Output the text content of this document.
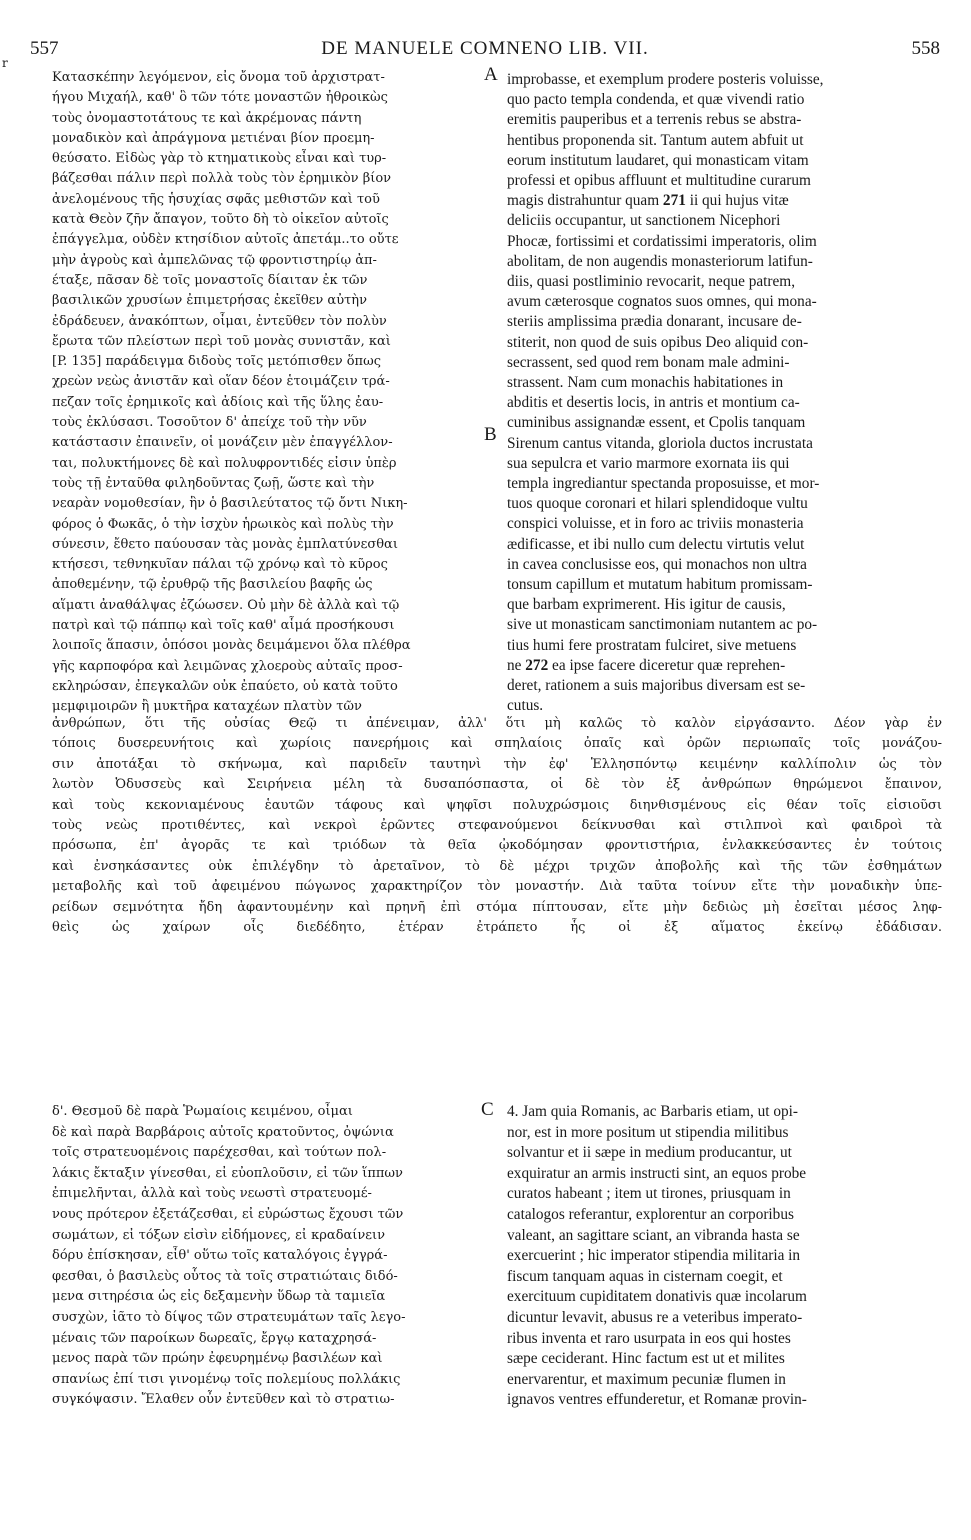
557	DE MANUELE COMNENO LIB. VII.	558
r
Κατασκέπην λεγόμενον, εἰς ὄνομα τοῦ ἀρχιστρατ-
ήγου Μιχαήλ, καθ' ὃ τῶν τότε μοναστῶν ἠθροικὼς
τοὺς ὀνομαστοτάτους τε καὶ ἀκρέμονας πάντη
μοναδικὸν καὶ ἀπράγμονα μετιέναι βίον προεμη-
θεύσατο. Εἰδὼς γὰρ τὸ κτηματικοὺς εἶναι καὶ τυρ-
βάζεσθαι πάλιν περὶ πολλὰ τοὺς τὸν ἐρημικὸν βίον
ἀνελομένους τῆς ἡσυχίας σφᾶς μεθιστῶν καὶ τοῦ
κατὰ Θεὸν ζῆν ἄπαγον, τοῦτο δὴ τὸ οἰκεῖον αὐτοῖς
ἐπάγγελμα, οὐδὲν κτησίδιον αὐτοῖς ἀπετάμ..το οὔτε
μὴν ἀγροὺς καὶ ἀμπελῶνας τῷ φροντιστηρίῳ ἀπ-
έταξε, πᾶσαν δὲ τοῖς μοναστοῖς δίαιταν ἐκ τῶν
βασιλικῶν χρυσίων ἐπιμετρήσας ἐκεῖθεν αὐτὴν
ἐδράδευεν, ἀνακόπτων, οἶμαι, ἐντεῦθεν τὸν πολὺν
ἔρωτα τῶν πλείστων περὶ τοῦ μονὰς συνιστᾶν, καὶ
[P. 135] παράδειγμα διδοὺς τοῖς μετόπισθεν ὅπως
χρεὼν νεὼς ἀνιστᾶν καὶ οἵαν δέον ἑτοιμάζειν τρά-
πεζαν τοῖς ἐρημικοῖς καὶ ἀδίοις καὶ τῆς ὕλης ἐαυ-
τοὺς ἐκλύσασι. Τοσοῦτον δ' ἀπείχε τοῦ τὴν νῦν
κατάστασιν ἐπαινεῖν, οἱ μονάζειν μὲν ἐπαγγέλλον-
ται, πολυκτήμονες δὲ καὶ πολυφροντιδές εἰσιν ὑπὲρ
τοὺς τῇ ἐνταῦθα φιληδοῦντας ζωῇ, ὥστε καὶ τὴν
νεαρὰν νομοθεσίαν, ἣν ὁ βασιλεύτατος τῷ ὄντι Νικη-
φόρος ὁ Φωκᾶς, ὁ τὴν ἰσχὺν ἡρωικὸς καὶ πολὺς τὴν
σύνεσιν, ἔθετο παύουσαν τὰς μονὰς ἐμπλατύνεσθαι
κτήσεσι, τεθνηκυῖαν πάλαι τῷ χρόνῳ καὶ τὸ κῦρος
ἀποθεμένην, τῷ ἐρυθρῷ τῆς βασιλείου βαφῆς ὡς
αἵματι ἀναθάλψας ἐζώωσεν. Οὐ μὴν δὲ ἀλλὰ καὶ τῷ
πατρὶ καὶ τῷ πάππῳ καὶ τοῖς καθ' αἷμά προσήκουσι
λοιποῖς ἅπασιν, ὁπόσοι μονὰς δειμάμενοι ὅλα πλέθρα
γῆς καρποφόρα καὶ λειμῶνας χλοεροὺς αὐταῖς προσ-
εκληρώσαν, ἐπεγκαλῶν οὐκ ἐπαύετο, οὐ κατὰ τοῦτο
μεμφιμοιρῶν ἢ μυκτῆρα καταχέων πλατὺν τῶν
A improbasse, et exemplum prodere posteris voluisse,
quo pacto templa condenda, et quæ vivendi ratio
eremitis pauperibus et a terrenis rebus se abstra-
hentibus proponenda sit. Tantum autem abfuit ut
eorum institutum laudaret, qui monasticam vitam
professi et opibus affluunt et multitudine curarum
magis distrahuntur quam 271 ii qui hujus vitæ
deliciis occupantur, ut sanctionem Nicephori
Phocæ, fortissimi et cordatissimi imperatoris, olim
abolitam, de non augendis monasteriorum latifun-
diis, quasi postliminio revocarit, neque patrem,
avum cæterosque cognatos suos omnes, qui mona-
steriis amplissima prædia donarant, incusare de-
stiterit, non quod de suis opibus Deo aliquid con-
secrassent, sed quod rem bonam male admini-
strassent. Nam cum monachis habitationes in
abditis et desertis locis, in antris et montium ca-
cuminibus assignandæ essent, et Cpolis tanquam
Sirenum cantus vitanda, gloriola ductos incrustata
sua sepulcra et vario marmore exornata iis qui
templa ingrediantur spectanda proposuisse, et mor-
tuos quoque coronari et hilari splendidoque vultu
conspici voluisse, et in foro ac triviis monasteria
ædificasse, et ibi nullo cum delectu virtutis velut
in cavea conclusisse eos, qui monachos non ultra
tonsum capillum et mutatum habitum promissam-
que barbam exprimerent. His igitur de causis,
sive ut monasticam sanctimoniam nutantem ac po-
tius humi fere prostratam fulciret, sive metuens
ne 272 ea ipse facere diceretur quæ reprehen-
deret, rationem a suis majoribus diversam est se-
cutus.
B
ἀνθρώπων, ὅτι τῆς οὐσίας Θεῷ τι ἀπένειμαν, ἀλλ' ὅτι μὴ καλῶς τὸ καλὸν εἰργάσαντο. Δέον γὰρ ἐν
τόποις δυσερευνήτοις καὶ χωρίοις πανερήμοις καὶ σπηλαίοις ὀπαῖς καὶ ὀρῶν περιωπαῖς τοῖς μονάζου-
σιν ἀποτάξαι τὸ σκήνωμα, καὶ παριδεῖν ταυτηνὶ τὴν ἐφ' Ἑλλησπόντῳ κειμένην καλλίπολιν ὡς τὸν
λωτὸν Ὀδυσσεὺς καὶ Σειρήνεια μέλη τὰ δυσαπόσπαστα, οἱ δὲ τὸν ἐξ ἀνθρώπων θηρώμενοι ἔπαινον,
καὶ τοὺς κεκονιαμένους ἑαυτῶν τάφους καὶ ψηφῖσι πολυχρώσμοις διηνθισμένους εἰς θέαν τοῖς εἰσιοῦσι
τοὺς νεὼς προτιθέντες, καὶ νεκροὶ ἐρῶντες στεφανούμενοι δείκνυσθαι καὶ στιλπνοὶ καὶ φαιδροὶ τὰ
πρόσωπα, ἐπ' ἀγορᾶς τε καὶ τριόδων τὰ θεῖα ᾠκοδόμησαν φροντιστήρια, ἐνλακκεύσαντες ἐν τούτοις
καὶ ἐνσηκάσαντες οὐκ ἐπιλέγδην τὸ ἀρεταῖνον, τὸ δὲ μέχρι τριχῶν ἀποβολῆς καὶ τῆς τῶν ἐσθημάτων
μεταβολῆς καὶ τοῦ ἀφειμένου πώγωνος χαρακτηρίζον τὸν μοναστήν. Διὰ ταῦτα τοίνυν εἴτε τὴν μοναδικὴν ὑπε-
ρείδων σεμνότητα ἤδη ἀφαντουμένην καὶ πρηνῆ ἐπὶ στόμα πίπτουσαν, εἴτε μὴν δεδιὼς μὴ ἐσεῖται μέσος ληφ-
θεὶς ὡς χαίρων οἷς διεδέδητο, ἑτέραν ἐτράπετο ἧς οἱ ἐξ αἵματος ἐκείνῳ ἐδάδισαν.
δ'. Θεσμοῦ δὲ παρὰ Ῥωμαίοις κειμένου, οἶμαι
δὲ καὶ παρὰ Βαρβάροις αὐτοῖς κρατοῦντος, ὀψώνια
τοῖς στρατευομένοις παρέχεσθαι, καὶ τούτων πολ-
λάκις ἔκταξιν γίνεσθαι, εἰ εὐοπλοῦσιν, εἰ τῶν ἵππων
ἐπιμελῆνται, ἀλλὰ καὶ τοὺς νεωστὶ στρατευομέ-
νους πρότερον ἐξετάζεσθαι, εἰ εὐρώστως ἔχουσι τῶν
σωμάτων, εἰ τόξων εἰσὶν εἰδήμονες, εἰ κραδαίνειν
δόρυ ἐπίσκησαν, εἶθ' οὕτω τοῖς καταλόγοις ἐγγρά-
φεσθαι, ὁ βασιλεὺς οὗτος τὰ τοῖς στρατιώταις διδό-
μενα σιτηρέσια ὡς εἰς δεξαμενὴν ὕδωρ τὰ ταμιεῖα
συσχὼν, ἰᾶτο τὸ δίψος τῶν στρατευμάτων ταῖς λεγο-
μέναις τῶν παροίκων δωρεαῖς, ἔργῳ καταχρησά-
μενος παρὰ τῶν πρώην ἐφευρημένῳ βασιλέων καὶ
σπανίως ἐπί τισι γινομένῳ τοῖς πολεμίους πολλάκις
συγκόψασιν. Ἔλαθεν οὖν ἐντεῦθεν καὶ τὸ στρατιω-
C 4. Jam quia Romanis, ac Barbaris etiam, ut opi-
nor, est in more positum ut stipendia militibus
solvantur et ii sæpe in medium producantur, ut
exquiratur an armis instructi sint, an equos probe
curatos habeant ; item ut tirones, priusquam in
catalogos referantur, explorentur an corporibus
valeant, an sagittare sciant, an vibranda hasta se
exercuerint ; hic imperator stipendia militaria in
fiscum tanquam aquas in cisternam coegit, et
exercituum cupiditatem donativis quæ incolarum
dicuntur levavit, abusus re a veteribus imperato-
ribus inventa et raro usurpata in eos qui hostes
sæpe ceciderant. Hinc factum est ut et milites
enervarentur, et maximum pecuniæ flumen in
ignavos ventres effunderetur, et Romanæ provin-
